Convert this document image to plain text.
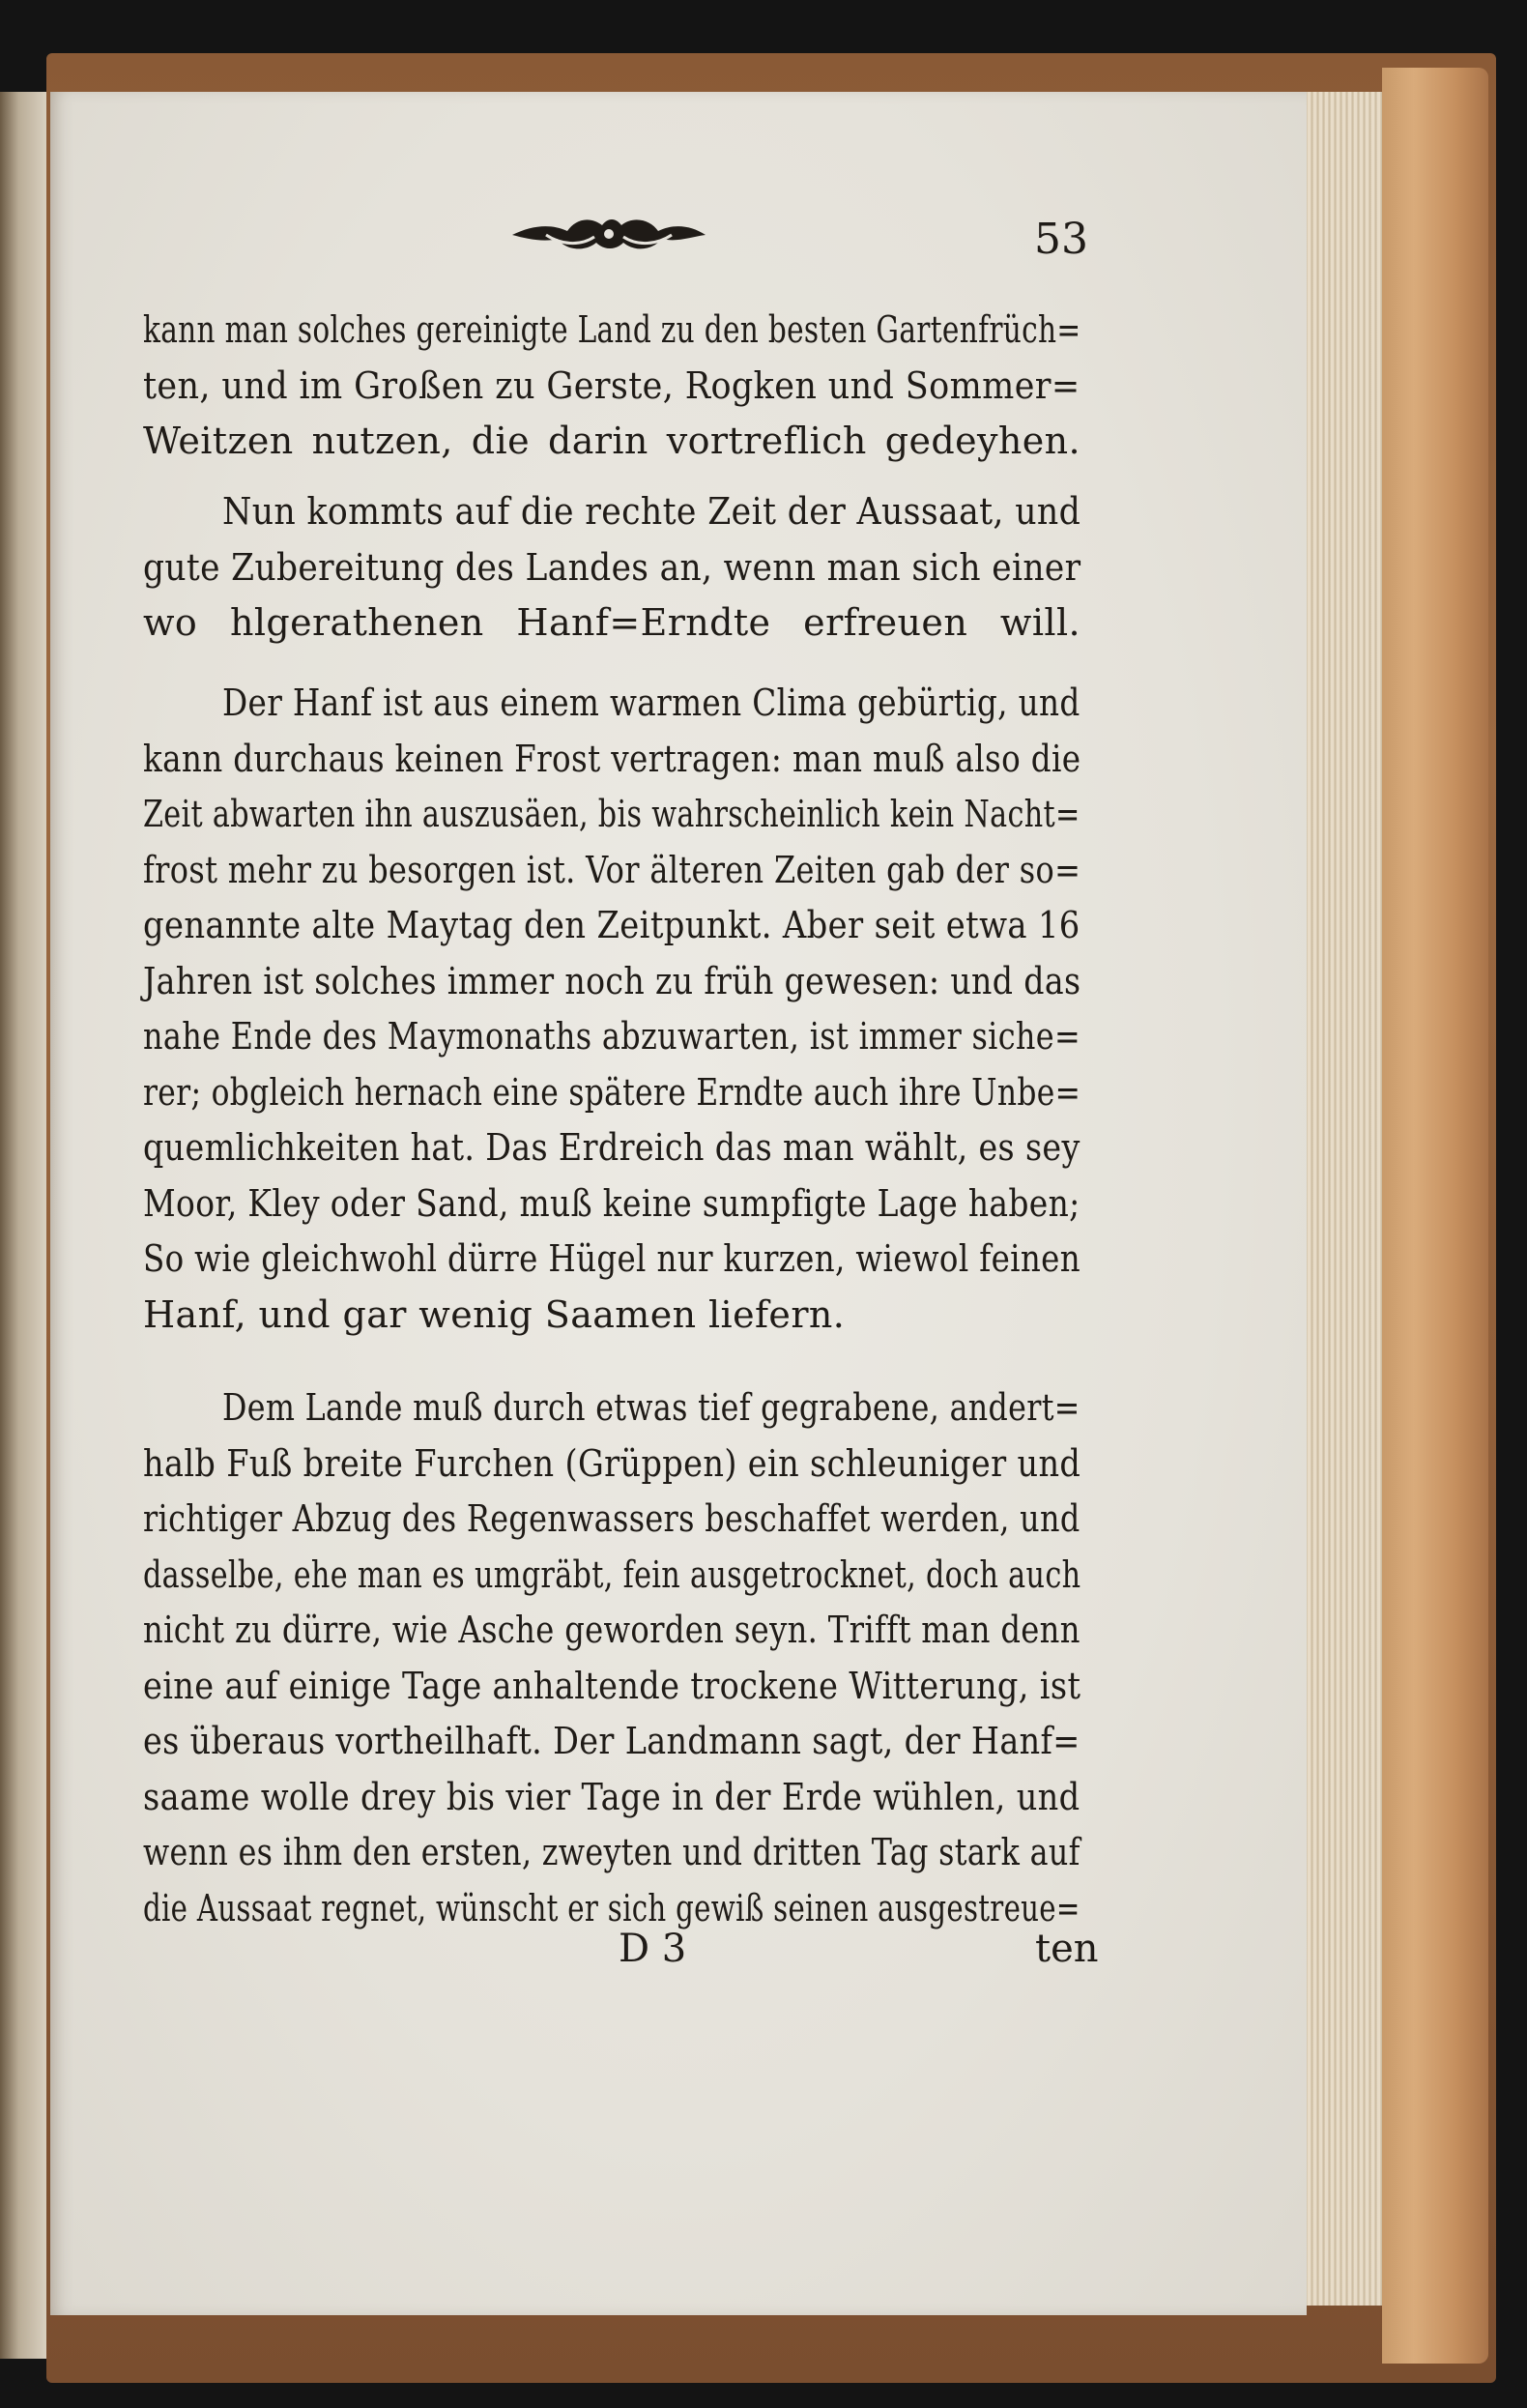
53
kann man solches gereinigte Land zu den besten Gartenfrüch=
ten, und im Großen zu Gerste, Rogken und Sommer=
Weitzen nutzen, die darin vortreflich gedeyhen.
Nun kommts auf die rechte Zeit der Aussaat, und
gute Zubereitung des Landes an, wenn man sich einer
wo hlgerathenen Hanf=Erndte erfreuen will.
Der Hanf ist aus einem warmen Clima gebürtig, und
kann durchaus keinen Frost vertragen: man muß also die
Zeit abwarten ihn auszusäen, bis wahrscheinlich kein Nacht=
frost mehr zu besorgen ist. Vor älteren Zeiten gab der so=
genannte alte Maytag den Zeitpunkt. Aber seit etwa 16
Jahren ist solches immer noch zu früh gewesen: und das
nahe Ende des Maymonaths abzuwarten, ist immer siche=
rer; obgleich hernach eine spätere Erndte auch ihre Unbe=
quemlichkeiten hat. Das Erdreich das man wählt, es sey
Moor, Kley oder Sand, muß keine sumpfigte Lage haben;
So wie gleichwohl dürre Hügel nur kurzen, wiewol feinen
Hanf, und gar wenig Saamen liefern.
Dem Lande muß durch etwas tief gegrabene, andert=
halb Fuß breite Furchen (Grüppen) ein schleuniger und
richtiger Abzug des Regenwassers beschaffet werden, und
dasselbe, ehe man es umgräbt, fein ausgetrocknet, doch auch
nicht zu dürre, wie Asche geworden seyn. Trifft man denn
eine auf einige Tage anhaltende trockene Witterung, ist
es überaus vortheilhaft. Der Landmann sagt, der Hanf=
saame wolle drey bis vier Tage in der Erde wühlen, und
wenn es ihm den ersten, zweyten und dritten Tag stark auf
die Aussaat regnet, wünscht er sich gewiß seinen ausgestreue=
D 3	ten
